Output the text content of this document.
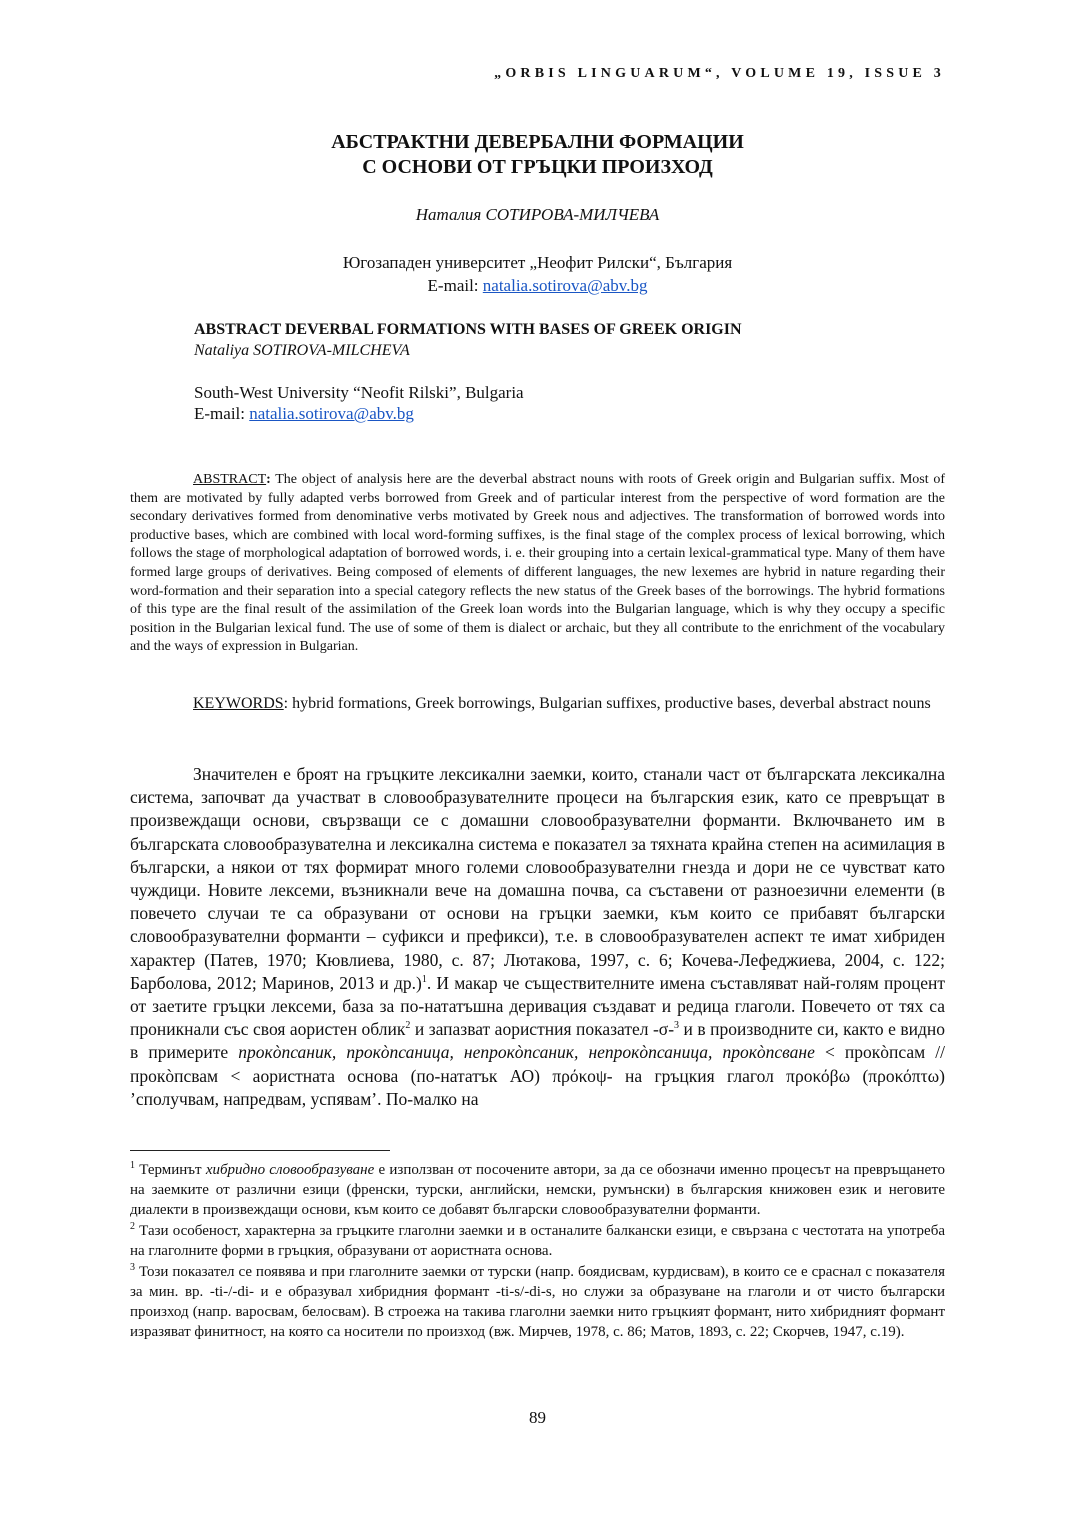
„ORBIS LINGUARUM“, VOLUME 19, ISSUE 3
АБСТРАКТНИ ДЕВЕРБАЛНИ ФОРМАЦИИ
С ОСНОВИ ОТ ГРЪЦКИ ПРОИЗХОД
Наталия СОТИРОВА-МИЛЧЕВА
Югозападен университет „Неофит Рилски“, България
E-mail: natalia.sotirova@abv.bg
ABSTRACT DEVERBAL FORMATIONS WITH BASES OF GREEK ORIGIN
Nataliya SOTIROVA-MILCHEVA
South-West University “Neofit Rilski”, Bulgaria
E-mail: natalia.sotirova@abv.bg
ABSTRACT: The object of analysis here are the deverbal abstract nouns with roots of Greek origin and Bulgarian suffix. Most of them are motivated by fully adapted verbs borrowed from Greek and of particular interest from the perspective of word formation are the secondary derivatives formed from denominative verbs motivated by Greek nous and adjectives. The transformation of borrowed words into productive bases, which are combined with local word-forming suffixes, is the final stage of the complex process of lexical borrowing, which follows the stage of morphological adaptation of borrowed words, i. e. their grouping into a certain lexical-grammatical type. Many of them have formed large groups of derivatives. Being composed of elements of different languages, the new lexemes are hybrid in nature regarding their word-formation and their separation into a special category reflects the new status of the Greek bases of the borrowings. The hybrid formations of this type are the final result of the assimilation of the Greek loan words into the Bulgarian language, which is why they occupy a specific position in the Bulgarian lexical fund. The use of some of them is dialect or archaic, but they all contribute to the enrichment of the vocabulary and the ways of expression in Bulgarian.
KEYWORDS: hybrid formations, Greek borrowings, Bulgarian suffixes, productive bases, deverbal abstract nouns
Значителен е броят на гръцките лексикални заемки, които, станали част от българската лексикална система, започват да участват в словообразувателните процеси на българския език, като се превръщат в произвеждащи основи, свързващи се с домашни словообразувателни форманти. Включването им в българската словообразувателна и лексикална система е показател за тяхната крайна степен на асимилация в български, а някои от тях формират много големи словообразувателни гнезда и дори не се чувстват като чуждици. Новите лексеми, възникнали вече на домашна почва, са съставени от разноезични елементи (в повечето случаи те са образувани от основи на гръцки заемки, към които се прибавят български словообразувателни форманти – суфикси и префикси), т.е. в словообразувателен аспект те имат хибриден характер (Патев, 1970; Кювлиева, 1980, с. 87; Лютакова, 1997, с. 6; Кочева-Лефеджиева, 2004, с. 122; Барболова, 2012; Маринов, 2013 и др.)$^1$. И макар че съществителните имена съставляват най-голям процент от заетите гръцки лексеми, база за по-нататъшна деривация създават и редица глаголи. Повечето от тях са проникнали със своя аористен облик$^2$ и запазват аористния показател -σ-$^3$ и в производните си, както е видно в примерите прокòпсаник, прокòпсаница, непрокòпсаник, непрокòпсаница, прокòпсване < прокòпсам // прокòпсвам < аористната основа (по-нататък АО) πρόκοψ- на гръцкия глагол προκόβω (προκόπτω) ’сполучвам, напредвам, успявам’. По-малко на
$^1$ Терминът хибридно словообразуване е използван от посочените автори, за да се обозначи именно процесът на превръщането на заемките от различни езици (френски, турски, английски, немски, румънски) в българския книжовен език и неговите диалекти в произвеждащи основи, към които се добавят български словообразувателни форманти.
$^2$ Тази особеност, характерна за гръцките глаголни заемки и в останалите балкански езици, е свързана с честотата на употреба на глаголните форми в гръцкия, образувани от аористната основа.
$^3$ Този показател се появява и при глаголните заемки от турски (напр. боядисвам, курдисвам), в които се е сраснал с показателя за мин. вр. -ti-/-di- и е образувал хибридния формант -ti-s/-di-s, но служи за образуване на глаголи и от чисто български произход (напр. варосвам, белосвам). В строежа на такива глаголни заемки нито гръцкият формант, нито хибридният формант изразяват финитност, на която са носители по произход (вж. Мирчев, 1978, с. 86; Матов, 1893, с. 22; Скорчев, 1947, с.19).
89
